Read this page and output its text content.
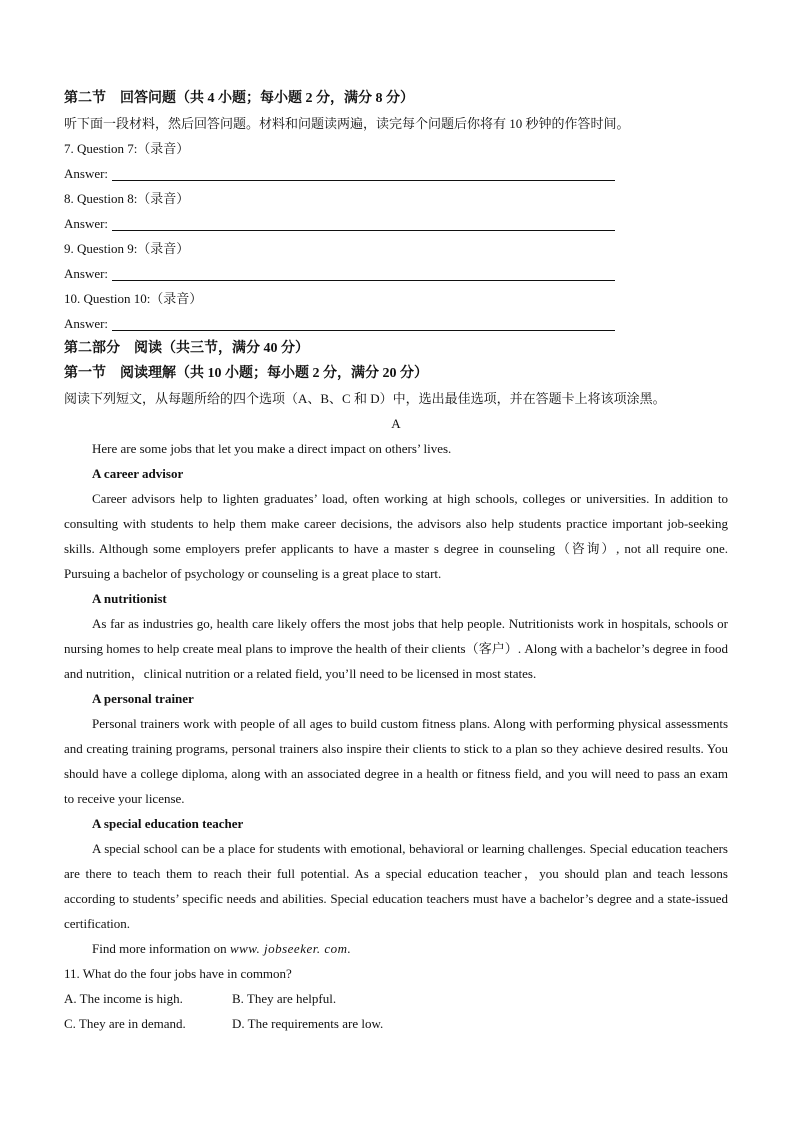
第二节　回答问题（共 4 小题；每小题 2 分，满分 8 分）
听下面一段材料，然后回答问题。材料和问题读两遍，读完每个问题后你将有 10 秒钟的作答时间。
7. Question 7:（录音）
Answer:
8. Question 8:（录音）
Answer:
9. Question 9:（录音）
Answer:
10. Question 10:（录音）
Answer:
第二部分　阅读（共三节，满分 40 分）
第一节　阅读理解（共 10 小题；每小题 2 分，满分 20 分）
阅读下列短文，从每题所给的四个选项（A、B、C 和 D）中，选出最佳选项，并在答题卡上将该项涂黑。
A
Here are some jobs that let you make a direct impact on others’ lives.
A career advisor

Career advisors help to lighten graduates’ load, often working at high schools, colleges or universities. In addition to consulting with students to help them make career decisions, the advisors also help students practice important job-seeking skills. Although some employers prefer applicants to have a master s degree in counseling（咨询）, not all require one. Pursuing a bachelor of psychology or counseling is a great place to start.

A nutritionist

As far as industries go, health care likely offers the most jobs that help people. Nutritionists work in hospitals, schools or nursing homes to help create meal plans to improve the health of their clients（客户）. Along with a bachelor’s degree in food and nutrition，clinical nutrition or a related field, you’ll need to be licensed in most states.

A personal trainer

Personal trainers work with people of all ages to build custom fitness plans. Along with performing physical assessments and creating training programs, personal trainers also inspire their clients to stick to a plan so they achieve desired results. You should have a college diploma, along with an associated degree in a health or fitness field, and you will need to pass an exam to receive your license.

A special education teacher

A special school can be a place for students with emotional, behavioral or learning challenges. Special education teachers are there to teach them to reach their full potential. As a special education teacher，you should plan and teach lessons according to students’ specific needs and abilities. Special education teachers must have a bachelor’s degree and a state-issued certification.

Find more information on www. jobseeker. com.
11. What do the four jobs have in common?
A. The income is high.	B. They are helpful.
C. They are in demand.	D. The requirements are low.
